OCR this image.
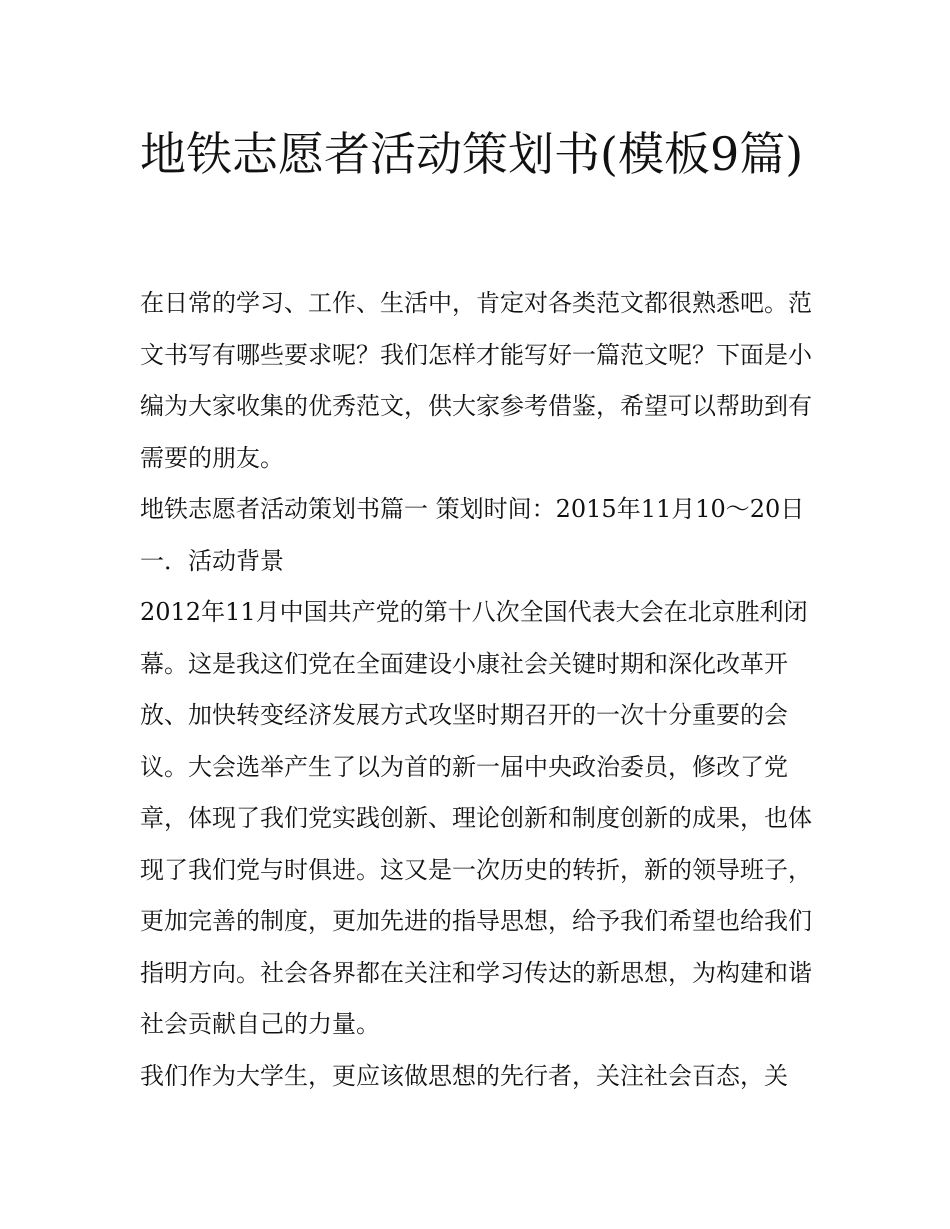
地铁志愿者活动策划书(模板9篇)

在日常的学习、工作、生活中，肯定对各类范文都很熟悉吧。范文书写有哪些要求呢？我们怎样才能写好一篇范文呢？下面是小编为大家收集的优秀范文，供大家参考借鉴，希望可以帮助到有需要的朋友。

地铁志愿者活动策划书篇一 策划时间：2015年11月10～20日

一．活动背景

2012年11月中国共产党的第十八次全国代表大会在北京胜利闭幕。这是我这们党在全面建设小康社会关键时期和深化改革开放、加快转变经济发展方式攻坚时期召开的一次十分重要的会议。大会选举产生了以为首的新一届中央政治委员，修改了党章，体现了我们党实践创新、理论创新和制度创新的成果，也体现了我们党与时俱进。这又是一次历史的转折，新的领导班子，更加完善的制度，更加先进的指导思想，给予我们希望也给我们指明方向。社会各界都在关注和学习传达的新思想，为构建和谐社会贡献自己的力量。

我们作为大学生，更应该做思想的先行者，关注社会百态，关
